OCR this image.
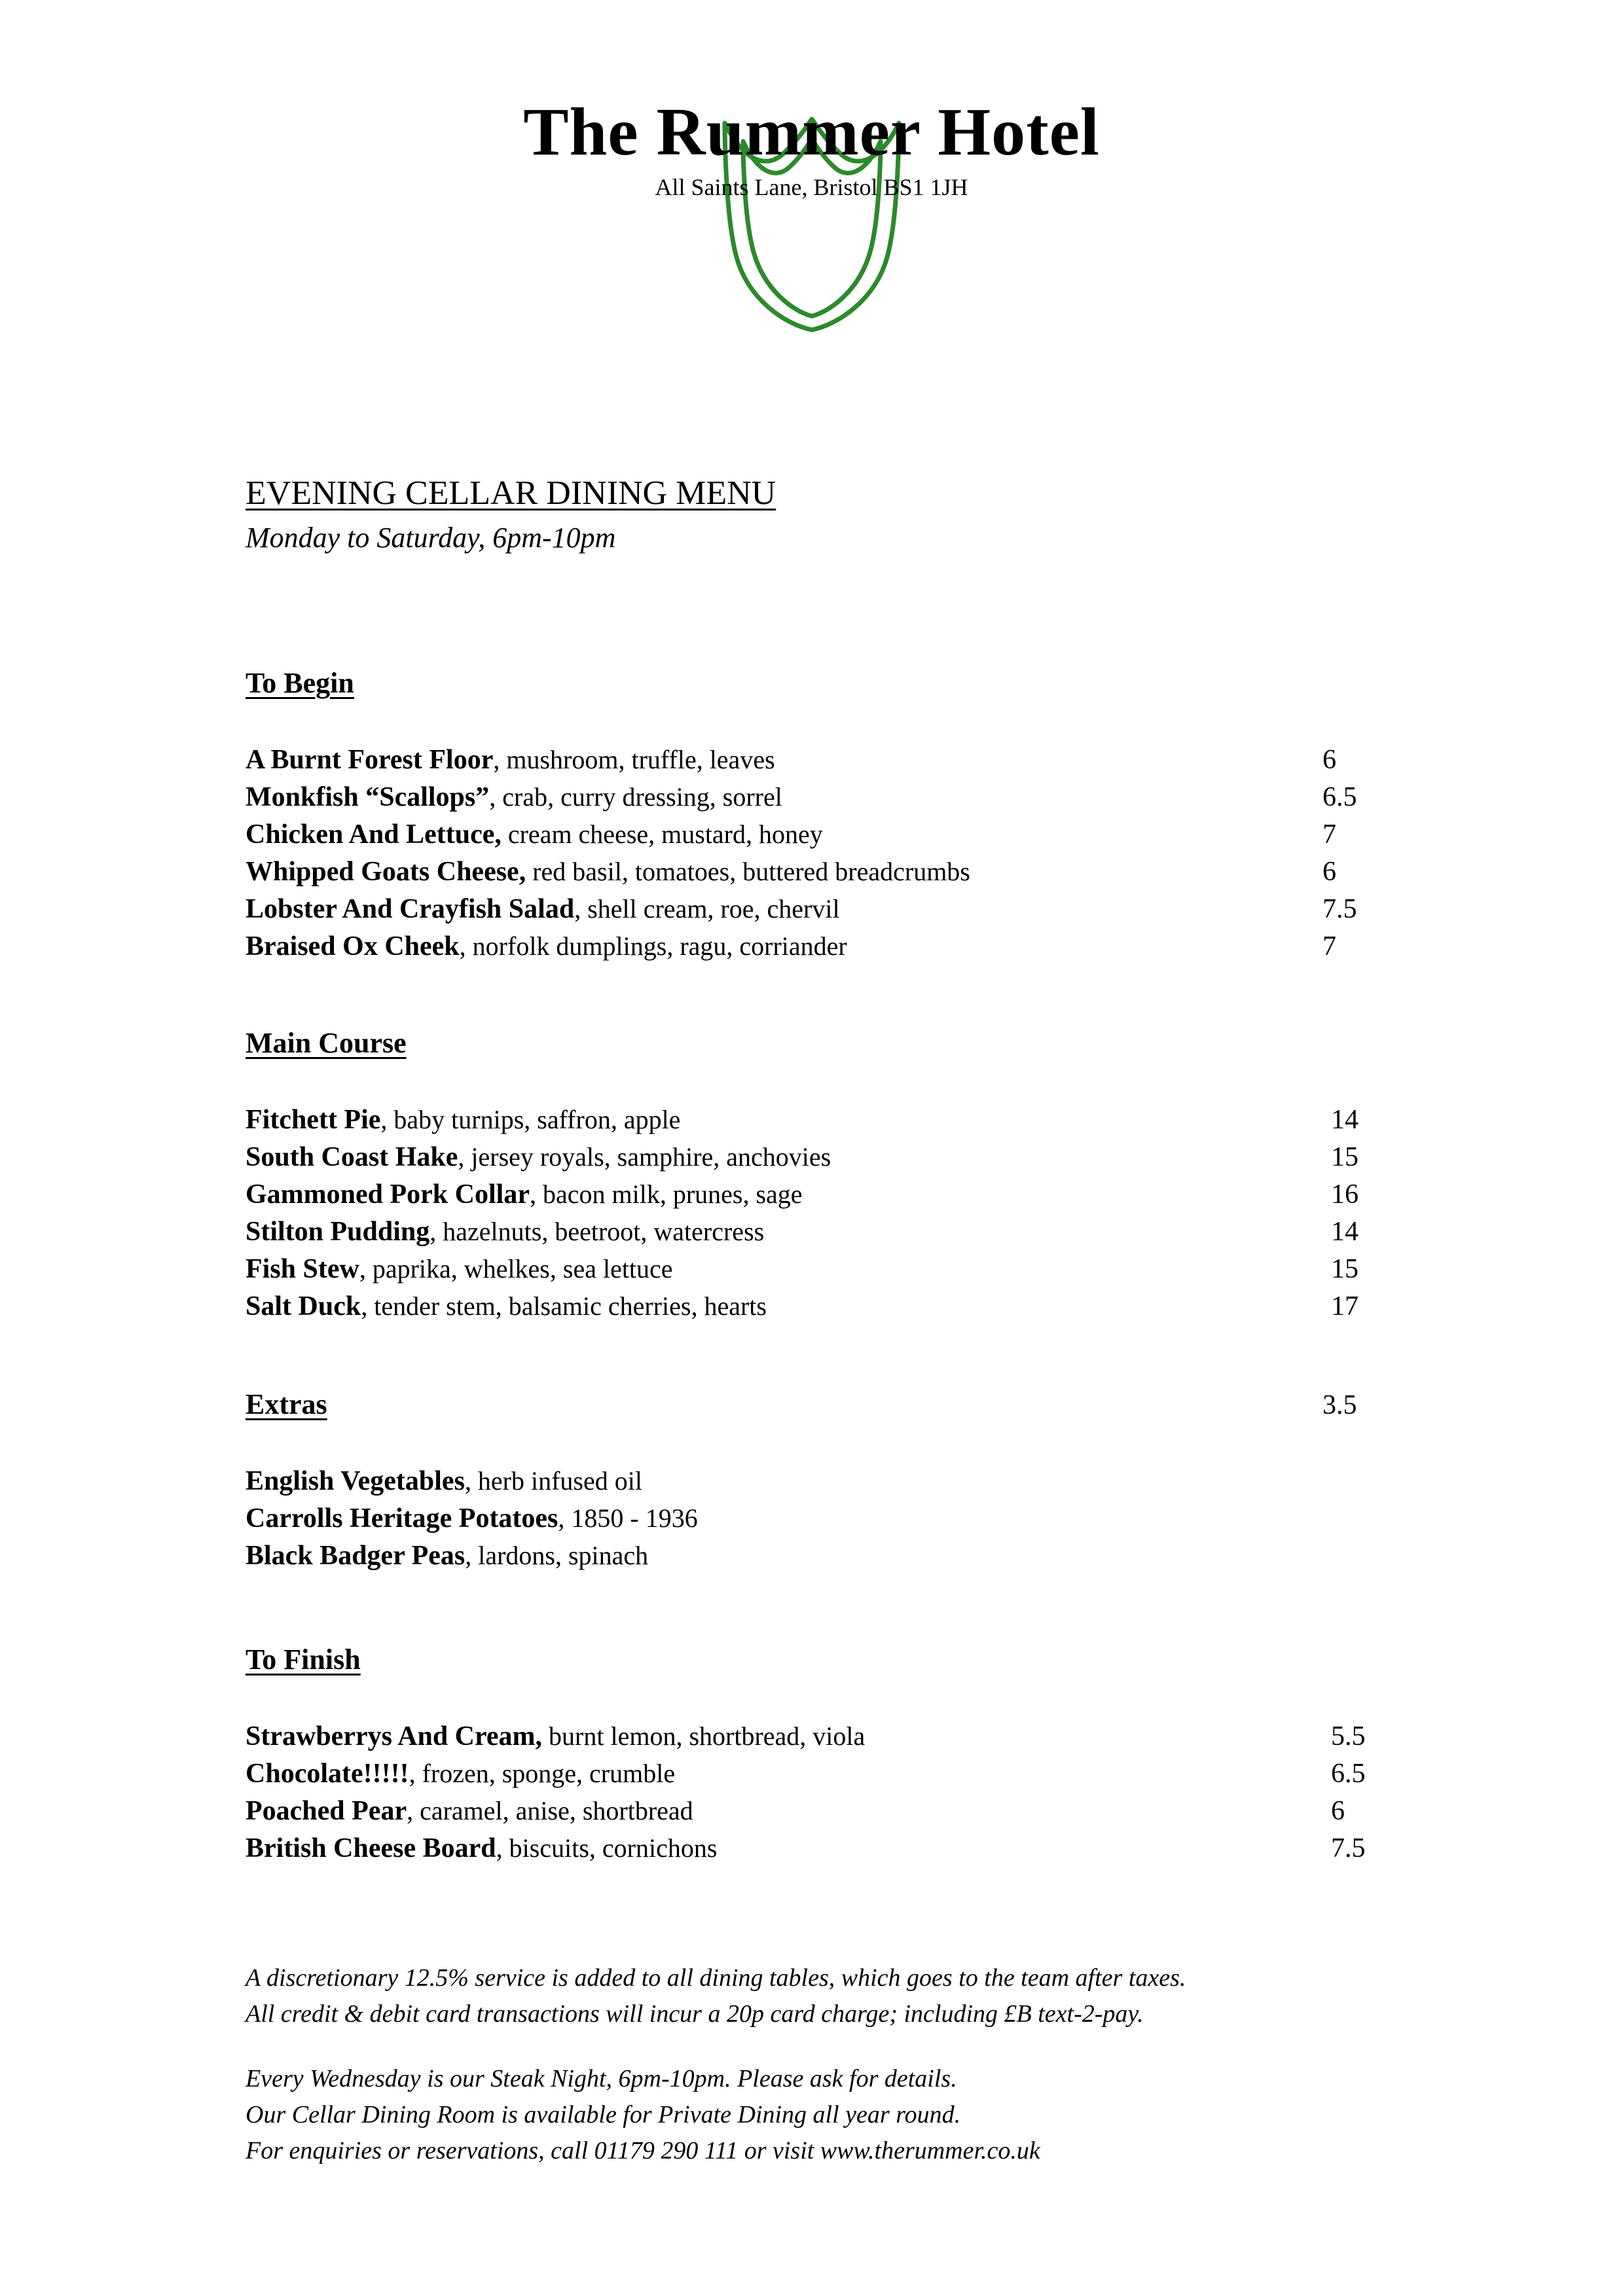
The Rummer Hotel
All Saints Lane, Bristol BS1 1JH
EVENING CELLAR DINING MENU
Monday to Saturday, 6pm-10pm
To Begin
A Burnt Forest Floor, mushroom, truffle, leaves	6
Monkfish “Scallops”, crab, curry dressing, sorrel	6.5
Chicken And Lettuce, cream cheese, mustard, honey	7
Whipped Goats Cheese, red basil, tomatoes, buttered breadcrumbs	6
Lobster And Crayfish Salad, shell cream, roe, chervil	7.5
Braised Ox Cheek, norfolk dumplings, ragu, corriander	7
Main Course
Fitchett Pie, baby turnips, saffron, apple	14
South Coast Hake, jersey royals, samphire, anchovies	15
Gammoned Pork Collar, bacon milk, prunes, sage	16
Stilton Pudding, hazelnuts, beetroot, watercress	14
Fish Stew, paprika, whelkes, sea lettuce	15
Salt Duck, tender stem, balsamic cherries, hearts	17
Extras	3.5
English Vegetables, herb infused oil
Carrolls Heritage Potatoes, 1850 - 1936
Black Badger Peas, lardons, spinach
To Finish
Strawberrys And Cream, burnt lemon, shortbread, viola	5.5
Chocolate!!!!!, frozen, sponge, crumble	6.5
Poached Pear, caramel, anise, shortbread	6
British Cheese Board, biscuits, cornichons	7.5
A discretionary 12.5% service is added to all dining tables, which goes to the team after taxes.
All credit & debit card transactions will incur a 20p card charge; including £B text-2-pay.
Every Wednesday is our Steak Night, 6pm-10pm. Please ask for details.
Our Cellar Dining Room is available for Private Dining all year round.
For enquiries or reservations, call 01179 290 111 or visit www.therummer.co.uk
